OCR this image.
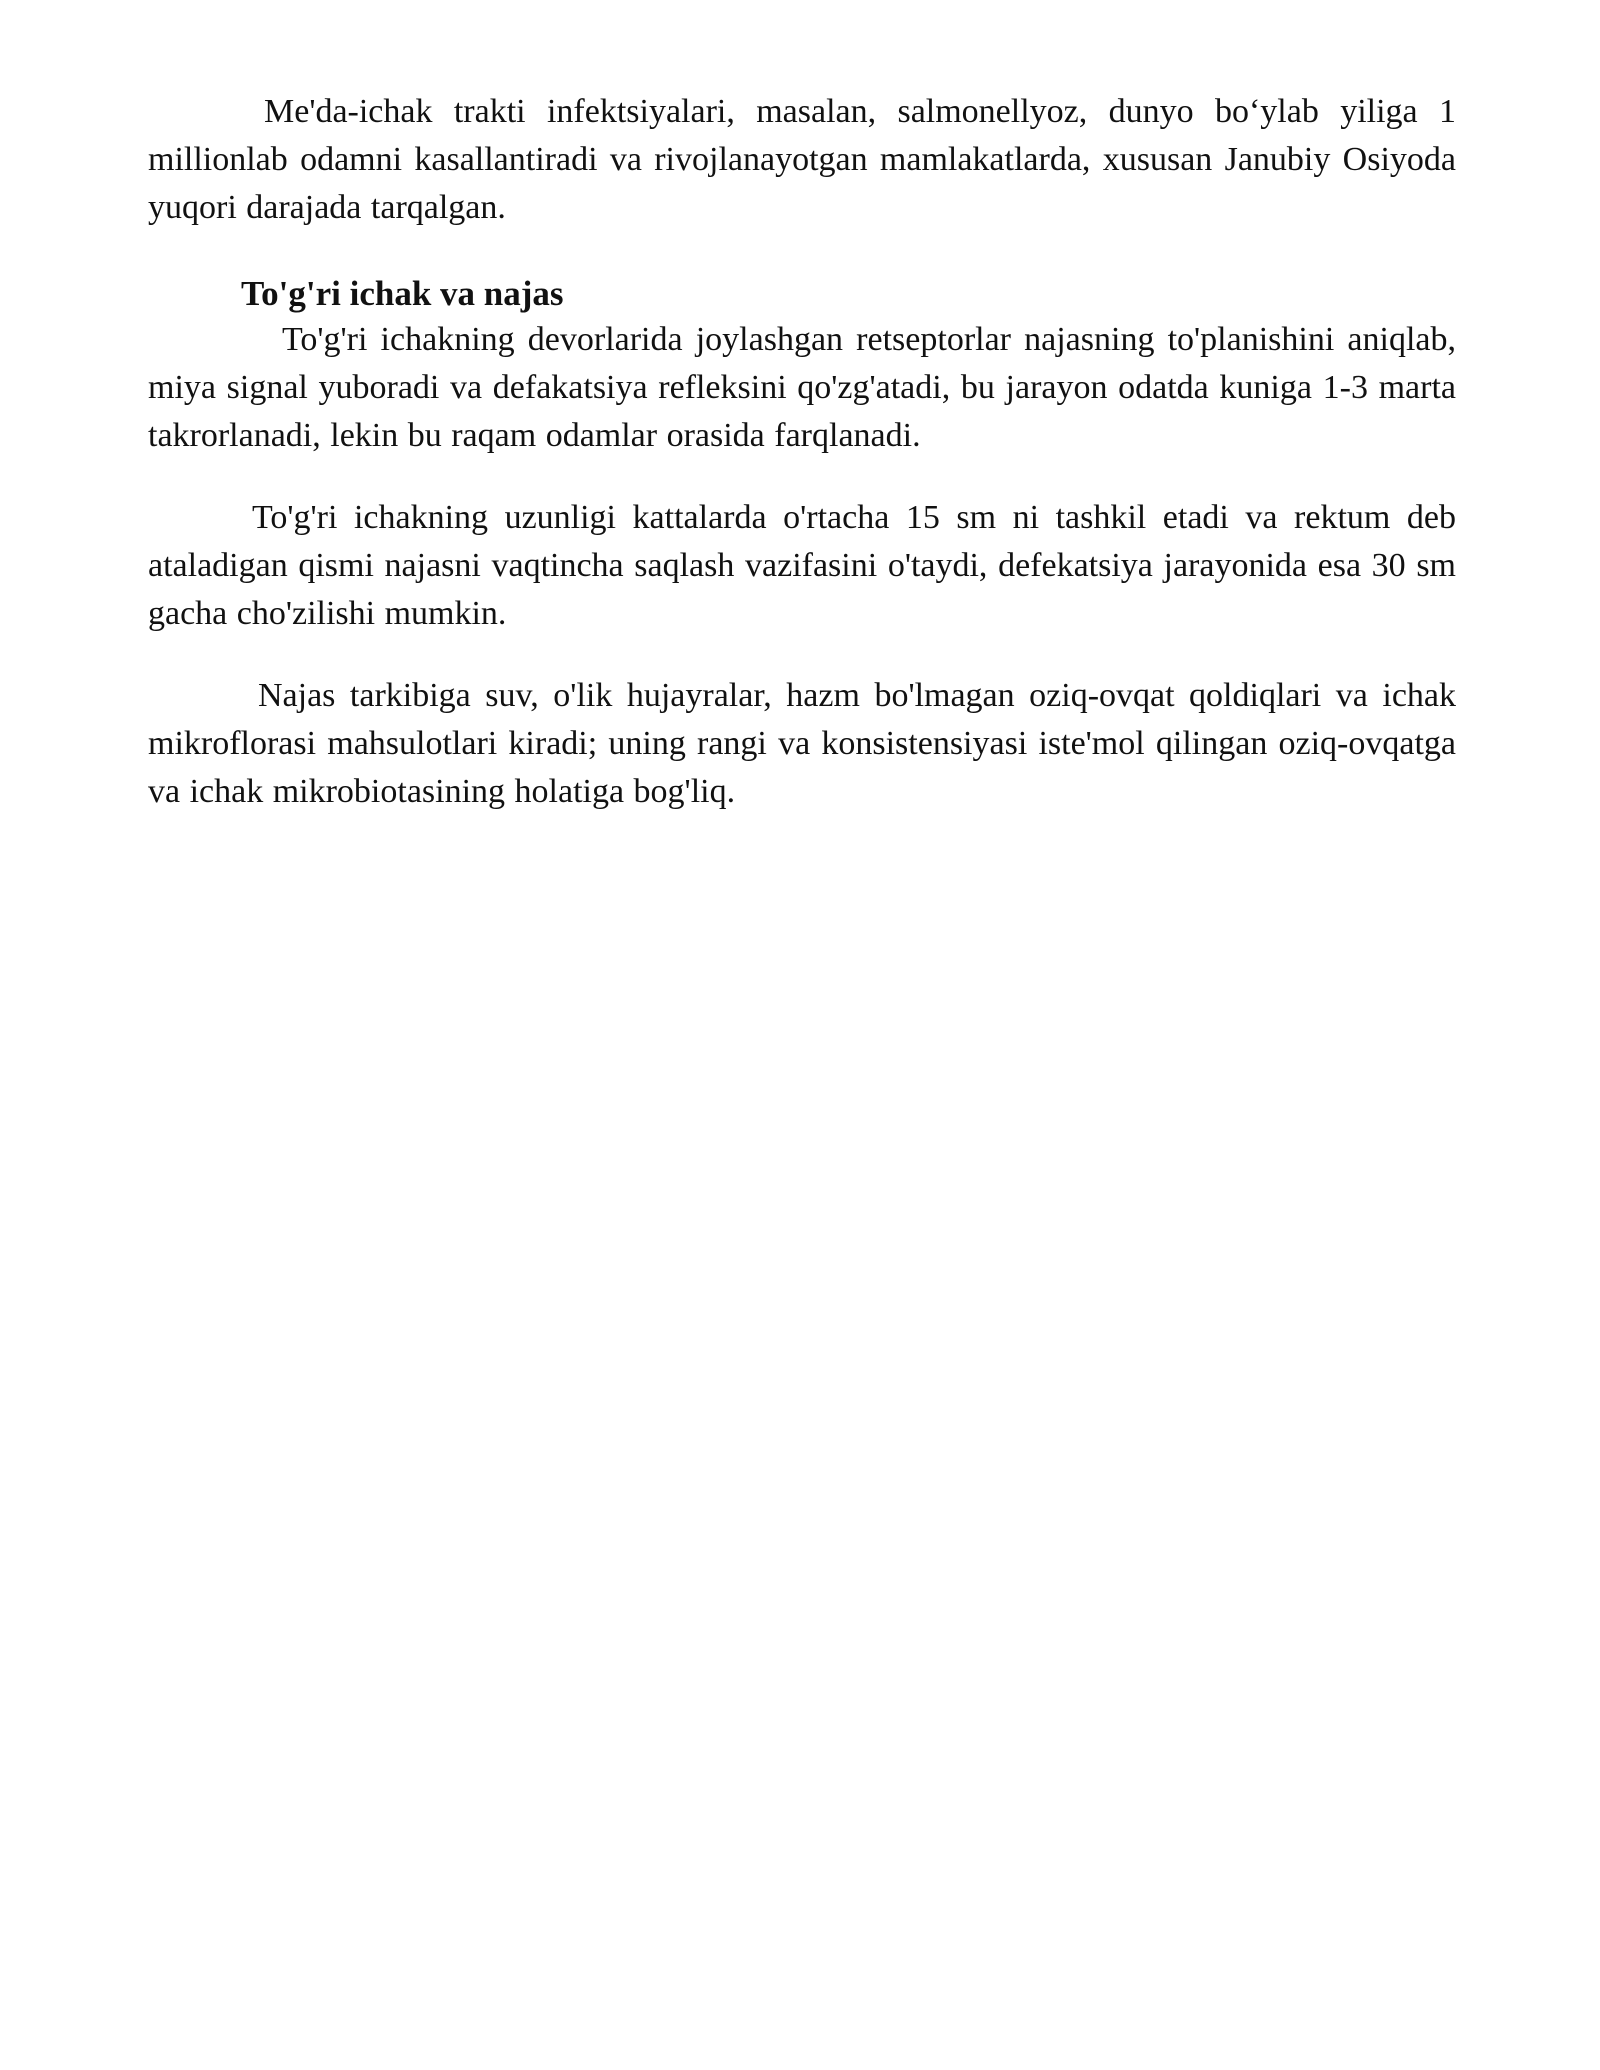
Me'da-ichak trakti infektsiyalari, masalan, salmonellyoz, dunyo bo‘ylab yiliga 1 millionlab odamni kasallantiradi va rivojlanayotgan mamlakatlarda, xususan Janubiy Osiyoda yuqori darajada tarqalgan.

To'g'ri ichak va najas

To'g'ri ichakning devorlarida joylashgan retseptorlar najasning to'planishini aniqlab, miya signal yuboradi va defakatsiya refleksini qo'zg'atadi, bu jarayon odatda kuniga 1-3 marta takrorlanadi, lekin bu raqam odamlar orasida farqlanadi.

To'g'ri ichakning uzunligi kattalarda o'rtacha 15 sm ni tashkil etadi va rektum deb ataladigan qismi najasni vaqtincha saqlash vazifasini o'taydi, defekatsiya jarayonida esa 30 sm gacha cho'zilishi mumkin.

Najas tarkibiga suv, o'lik hujayralar, hazm bo'lmagan oziq-ovqat qoldiqlari va ichak mikroflorasi mahsulotlari kiradi; uning rangi va konsistensiyasi iste'mol qilingan oziq-ovqatga va ichak mikrobiotasining holatiga bog'liq.
